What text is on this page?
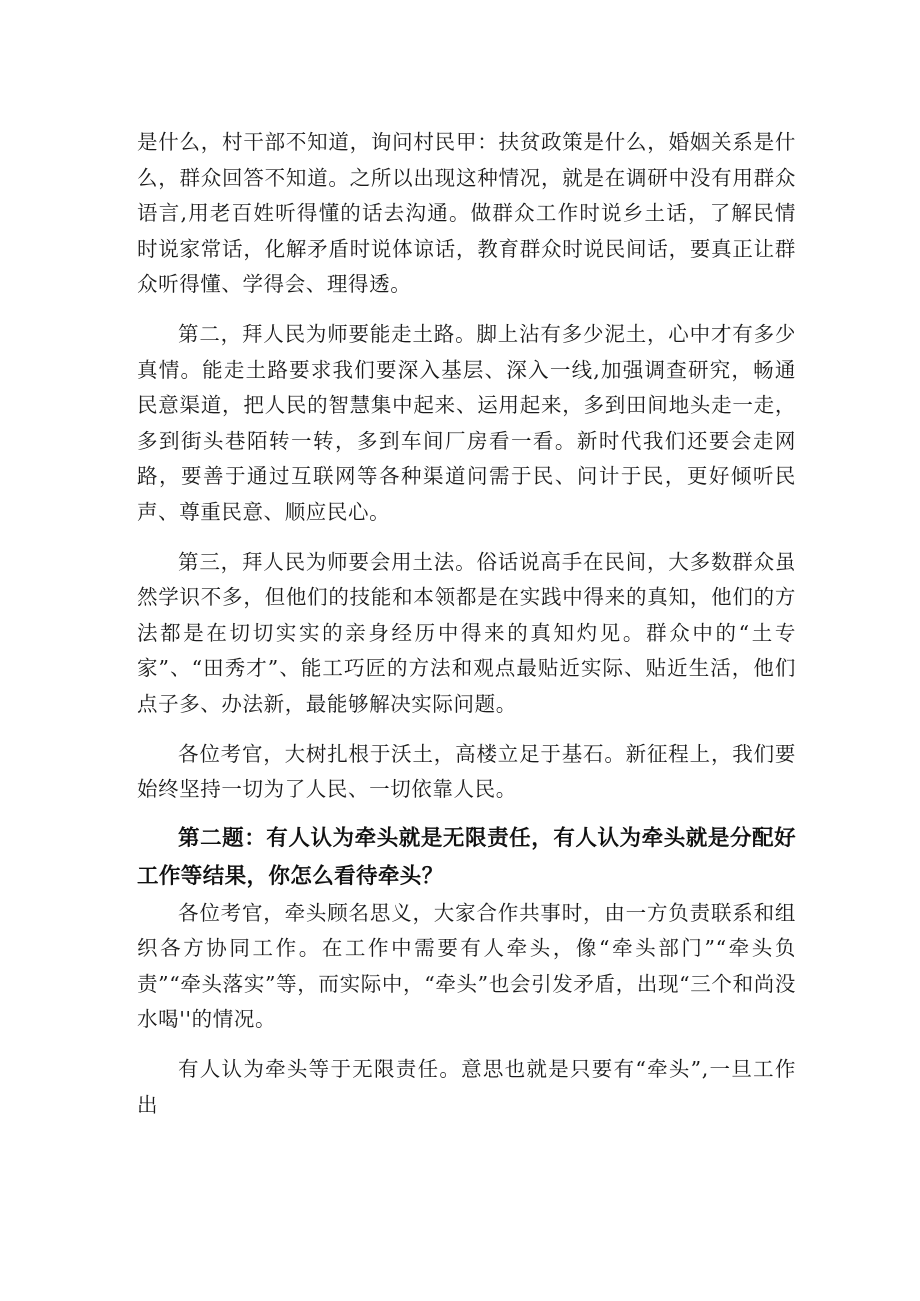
是什么，村干部不知道，询问村民甲：扶贫政策是什么，婚姻关系是什么，群众回答不知道。之所以出现这种情况，就是在调研中没有用群众语言,用老百姓听得懂的话去沟通。做群众工作时说乡土话，了解民情时说家常话，化解矛盾时说体谅话，教育群众时说民间话，要真正让群众听得懂、学得会、理得透。

第二，拜人民为师要能走土路。脚上沾有多少泥土，心中才有多少真情。能走土路要求我们要深入基层、深入一线,加强调查研究，畅通民意渠道，把人民的智慧集中起来、运用起来，多到田间地头走一走，多到街头巷陌转一转，多到车间厂房看一看。新时代我们还要会走网路，要善于通过互联网等各种渠道问需于民、问计于民，更好倾听民声、尊重民意、顺应民心。

第三，拜人民为师要会用土法。俗话说高手在民间，大多数群众虽然学识不多，但他们的技能和本领都是在实践中得来的真知，他们的方法都是在切切实实的亲身经历中得来的真知灼见。群众中的“土专家”、“田秀才”、能工巧匠的方法和观点最贴近实际、贴近生活，他们点子多、办法新，最能够解决实际问题。

各位考官，大树扎根于沃土，高楼立足于基石。新征程上，我们要始终坚持一切为了人民、一切依靠人民。

第二题：有人认为牵头就是无限责任，有人认为牵头就是分配好工作等结果，你怎么看待牵头？

各位考官，牵头顾名思义，大家合作共事时，由一方负责联系和组织各方协同工作。在工作中需要有人牵头，像“牵头部门”“牵头负责”“牵头落实”等，而实际中，“牵头”也会引发矛盾，出现“三个和尚没水喝''的情况。

有人认为牵头等于无限责任。意思也就是只要有“牵头”,一旦工作出
